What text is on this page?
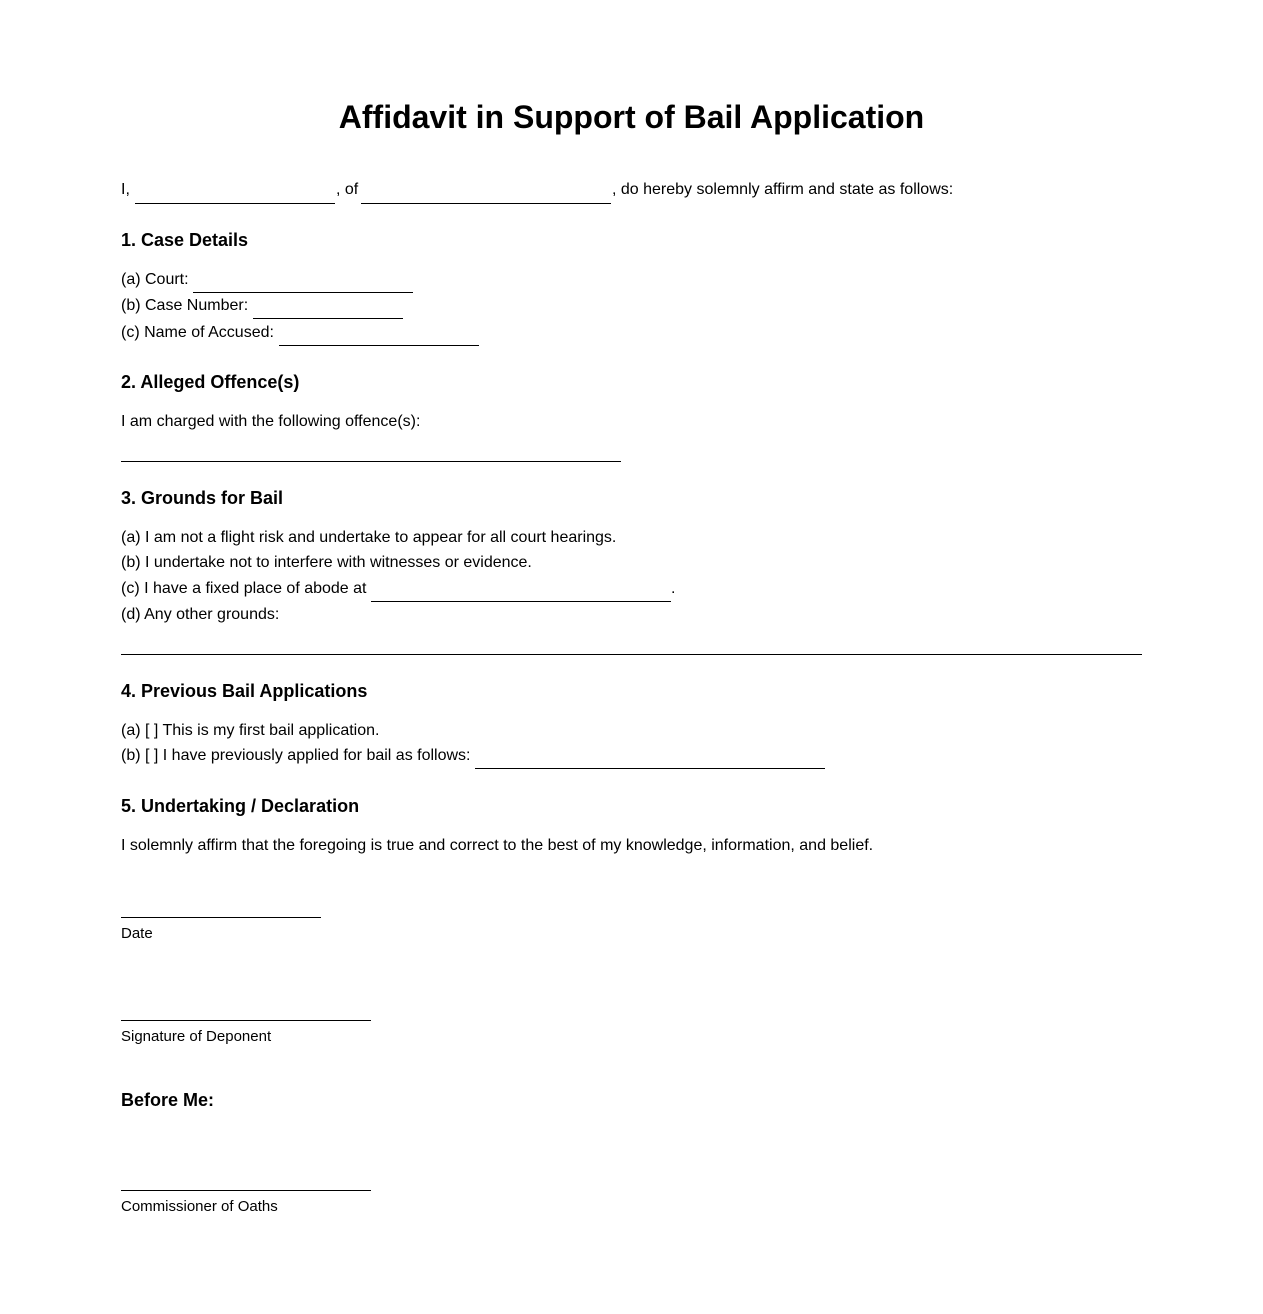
Affidavit in Support of Bail Application
I,	, of	, do hereby solemnly affirm and state as follows:
1. Case Details
(a) Court:
(b) Case Number:
(c) Name of Accused:
2. Alleged Offence(s)
I am charged with the following offence(s):
3. Grounds for Bail
(a) I am not a flight risk and undertake to appear for all court hearings.
(b) I undertake not to interfere with witnesses or evidence.
(c) I have a fixed place of abode at	.
(d) Any other grounds:
4. Previous Bail Applications
(a) [ ] This is my first bail application.
(b) [ ] I have previously applied for bail as follows:
5. Undertaking / Declaration
I solemnly affirm that the foregoing is true and correct to the best of my knowledge, information, and belief.
Date
Signature of Deponent
Before Me:
Commissioner of Oaths
